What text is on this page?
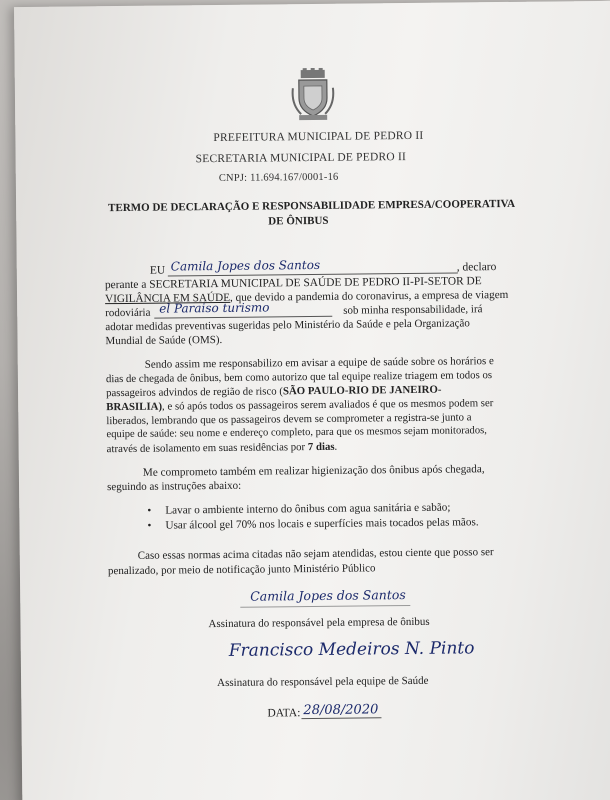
PREFEITURA MUNICIPAL DE PEDRO II
SECRETARIA MUNICIPAL DE PEDRO II
CNPJ: 11.694.167/0001-16
TERMO DE DECLARAÇÃO E RESPONSABILIDADE EMPRESA/COOPERATIVA
DE ÔNIBUS
EU Camila Jopes dos Santos	, declaro
perante a SECRETARIA MUNICIPAL DE SAÚDE DE PEDRO II-PI-SETOR DE
VIGILÂNCIA EM SAÚDE, que devido a pandemia do coronavirus, a empresa de viagem
rodoviária el Paraiso turismo	sob minha responsabilidade, irá
adotar medidas preventivas sugeridas pelo Ministério da Saúde e pela Organização
Mundial de Saúde (OMS).
Sendo assim me responsabilizo em avisar a equipe de saúde sobre os horários e
dias de chegada de ônibus, bem como autorizo que tal equipe realize triagem em todos os
passageiros advindos de região de risco (SÃO PAULO-RIO DE JANEIRO-
BRASILIA), e só após todos os passageiros serem avaliados é que os mesmos podem ser
liberados, lembrando que os passageiros devem se comprometer a registra-se junto a
equipe de saúde: seu nome e endereço completo, para que os mesmos sejam monitorados,
através de isolamento em suas residências por 7 dias.
Me comprometo também em realizar higienização dos ônibus após chegada,
seguindo as instruções abaixo:
• Lavar o ambiente interno do ônibus com agua sanitária e sabão;
• Usar álcool gel 70% nos locais e superfícies mais tocados pelas mãos.
Caso essas normas acima citadas não sejam atendidas, estou ciente que posso ser
penalizado, por meio de notificação junto Ministério Público
Camila Jopes dos Santos
Assinatura do responsável pela empresa de ônibus
Francisco Medeiros N. Pinto
Assinatura do responsável pela equipe de Saúde
DATA: 28/08/2020
